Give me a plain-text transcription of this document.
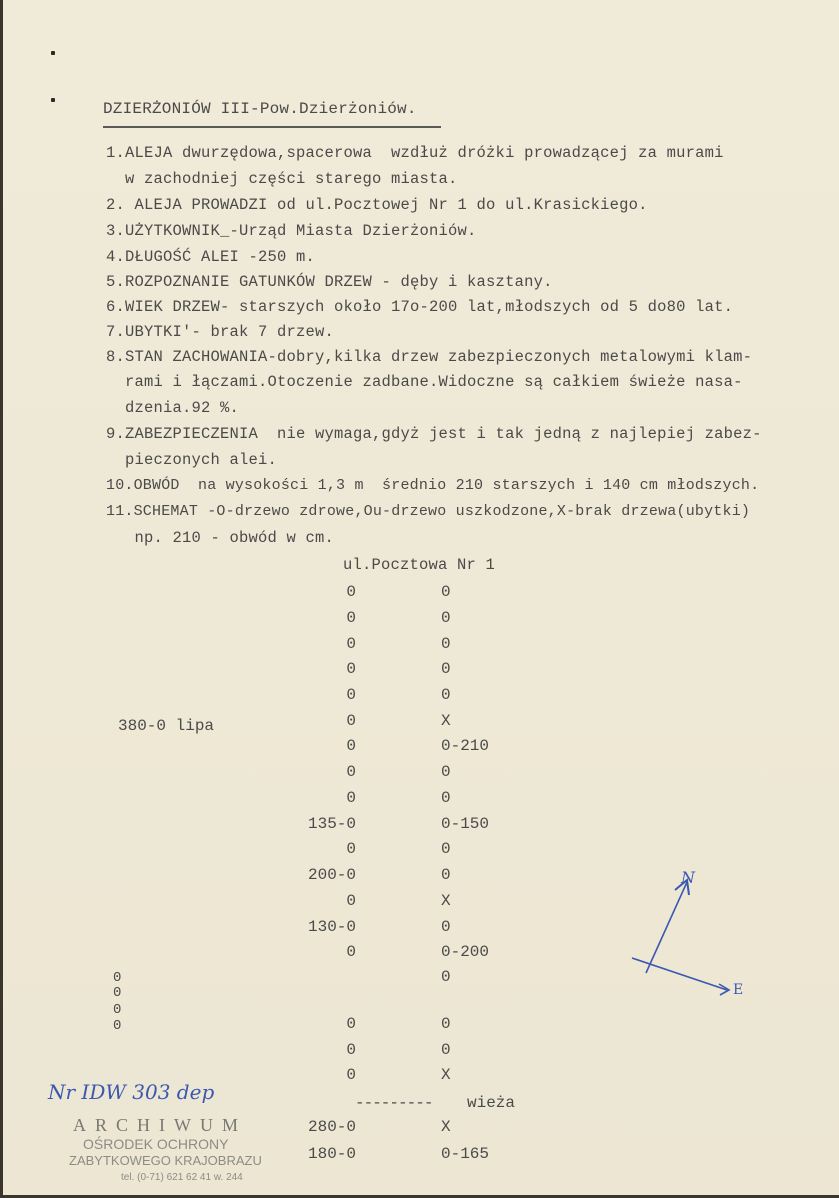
DZIERŻONIÓW III-Pow.Dzierżoniów.
1.ALEJA dwurzędowa,spacerowa  wzdłuż dróżki prowadzącej za murami
w zachodniej części starego miasta.
2. ALEJA PROWADZI od ul.Pocztowej Nr 1 do ul.Krasickiego.
3.UŻYTKOWNIK_-Urząd Miasta Dzierżoniów.
4.DŁUGOŚĆ ALEI -250 m.
5.ROZPOZNANIE GATUNKÓW DRZEW - dęby i kasztany.
6.WIEK DRZEW- starszych około 17o-200 lat,młodszych od 5 do80 lat.
7.UBYTKI'- brak 7 drzew.
8.STAN ZACHOWANIA-dobry,kilka drzew zabezpieczonych metalowymi klam-
rami i łączami.Otoczenie zadbane.Widoczne są całkiem świeże nasa-
dzenia.92 %.
9.ZABEZPIECZENIA  nie wymaga,gdyż jest i tak jedną z najlepiej zabez-
pieczonych alei.
10.OBWÓD  na wysokości 1,3 m  średnio 210 starszych i 140 cm młodszych.
11.SCHEMAT -O-drzewo zdrowe,Ou-drzewo uszkodzone,X-brak drzewa(ubytki)
np. 210 - obwód w cm.
ul.Pocztowa Nr 1
0
0
0
0
0
0
0
0
0
135-0
0
200-0
0
130-0
0
0
0
0
280-0
180-0
0
0
0
0
0
X
0-210
0
0
0-150
0
0
X
0
0-200
0
0
0
X
X
0-165
380-0 lipa
0
0
0
0
--------- wieża
N
E
Nr IDW 303 dep
ARCHIWUM
OŚRODEK OCHRONY
ZABYTKOWEGO KRAJOBRAZU
tel. (0-71) 621 62 41 w. 244
